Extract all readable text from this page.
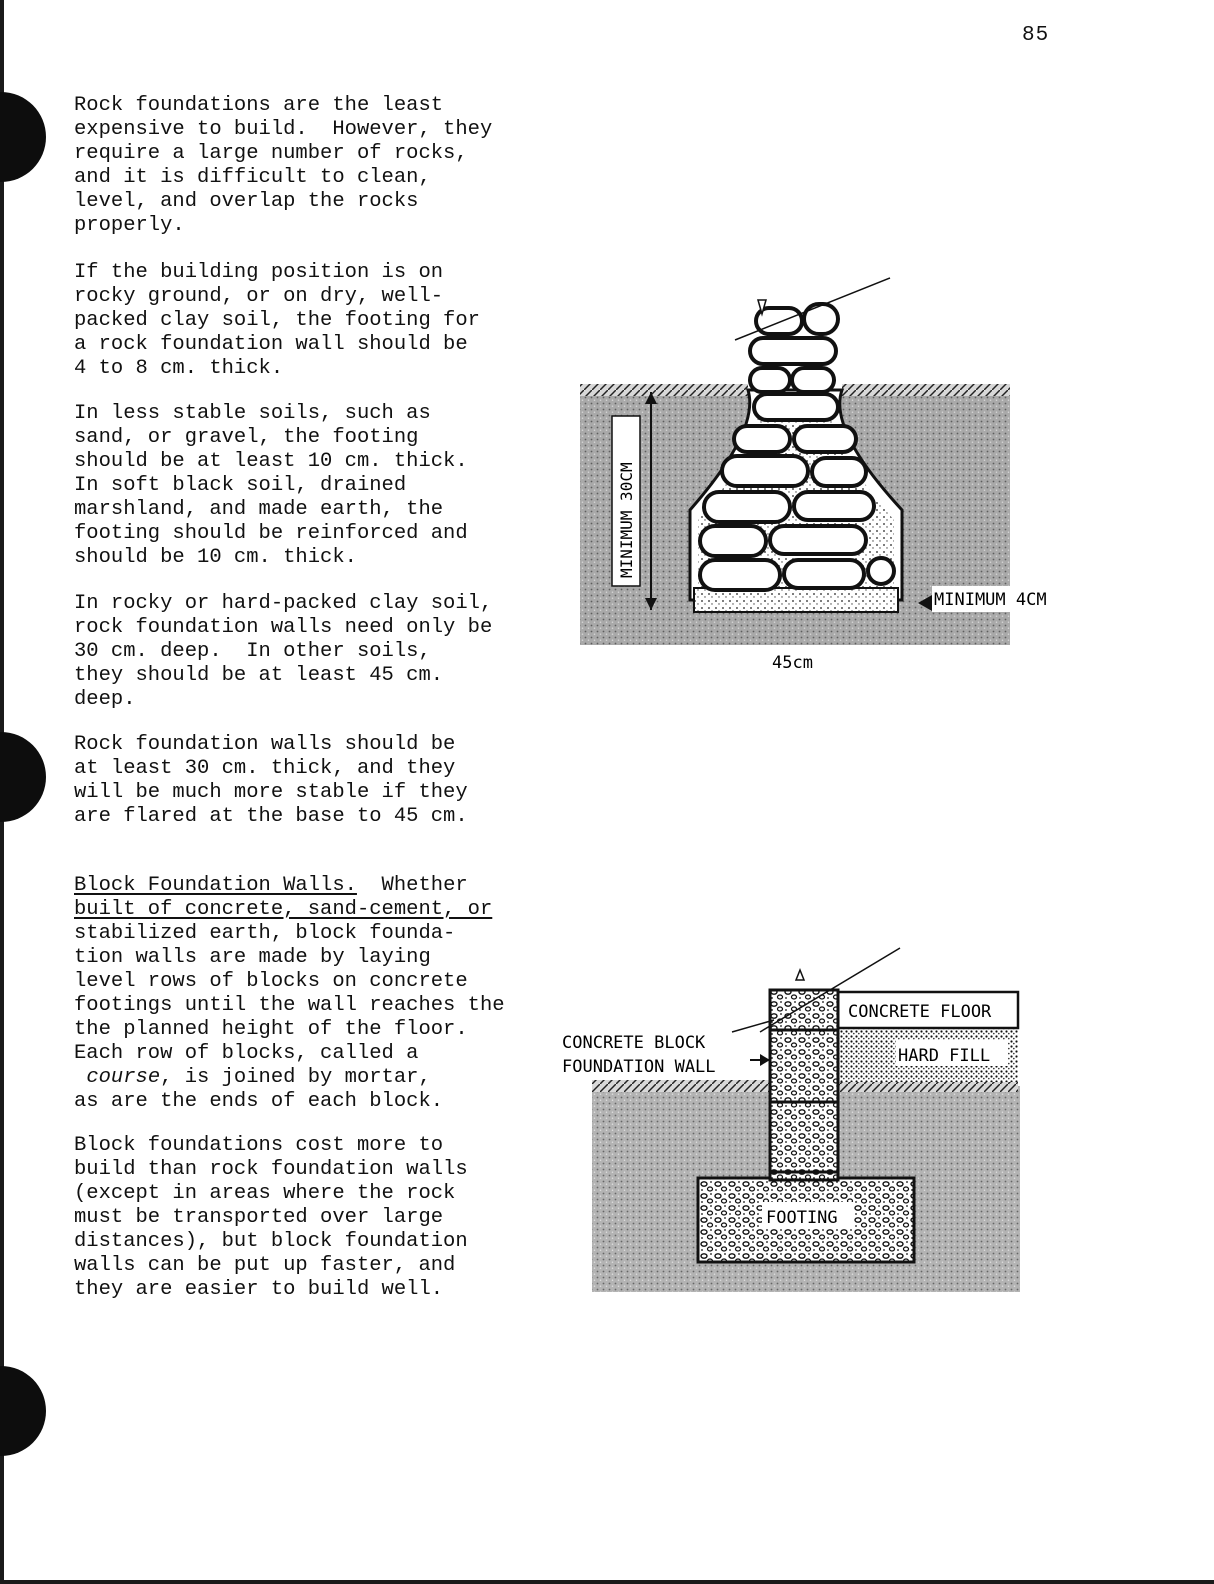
85
Rock foundations are the least
expensive to build.  However, they
require a large number of rocks,
and it is difficult to clean,
level, and overlap the rocks
properly.
If the building position is on
rocky ground, or on dry, well-
packed clay soil, the footing for
a rock foundation wall should be
4 to 8 cm. thick.
In less stable soils, such as
sand, or gravel, the footing
should be at least 10 cm. thick.
In soft black soil, drained
marshland, and made earth, the
footing should be reinforced and
should be 10 cm. thick.
In rocky or hard-packed clay soil,
rock foundation walls need only be
30 cm. deep.  In other soils,
they should be at least 45 cm.
deep.
Rock foundation walls should be
at least 30 cm. thick, and they
will be much more stable if they
are flared at the base to 45 cm.
Block Foundation Walls.  Whether
built of concrete, sand-cement, or
stabilized earth, block founda-
tion walls are made by laying
level rows of blocks on concrete
footings until the wall reaches the
the planned height of the floor.
Each row of blocks, called a
course, is joined by mortar,
as are the ends of each block.
Block foundations cost more to
build than rock foundation walls
(except in areas where the rock
must be transported over large
distances), but block foundation
walls can be put up faster, and
they are easier to build well.
MINIMUM 30CM
MINIMUM 4CM
45cm
HARD FILL
CONCRETE FLOOR
FOOTING
CONCRETE BLOCK
FOUNDATION WALL
